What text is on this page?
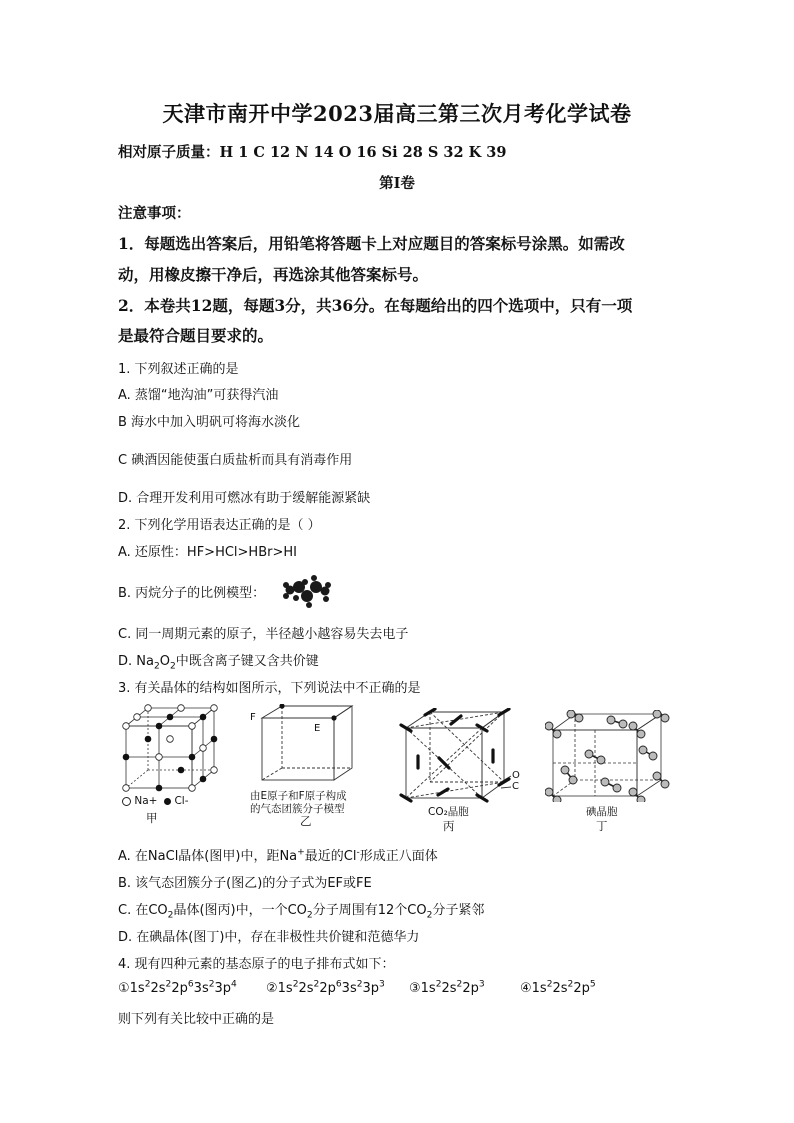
天津市南开中学2023届高三第三次月考化学试卷
相对原子质量：H 1 C 12 N 14 O 16 Si 28 S 32 K 39
第I卷
注意事项：
1．每题选出答案后，用铅笔将答题卡上对应题目的答案标号涂黑。如需改
动，用橡皮擦干净后，再选涂其他答案标号。
2．本卷共12题，每题3分，共36分。在每题给出的四个选项中，只有一项
是最符合题目要求的。
1. 下列叙述正确的是
A. 蒸馏“地沟油”可获得汽油
B 海水中加入明矾可将海水淡化
C 碘酒因能使蛋白质盐析而具有消毒作用
D. 合理开发利用可燃冰有助于缓解能源紧缺
2. 下列化学用语表达正确的是（ ）
A. 还原性：HF>HCl>HBr>HI
B. 丙烷分子的比例模型：
C. 同一周期元素的原子，半径越小越容易失去电子
D. $Na_2O_2$中既含离子键又含共价键
3. 有关晶体的结构如图所示，下列说法中不正确的是
Na+ Cl-
甲
F
E
由E原子和F原子构成
的气态团簇分子模型
乙
O
C
CO₂晶胞
丙
碘晶胞
丁
A. 在NaCl晶体(图甲)中，距Na+最近的Cl-形成正八面体
B. 该气态团簇分子(图乙)的分子式为EF或FE
C. 在$CO_2$晶体(图丙)中，一个$CO_2$分子周围有12个$CO_2$分子紧邻
D. 在碘晶体(图丁)中，存在非极性共价键和范德华力
4. 现有四种元素的基态原子的电子排布式如下：
$①1s^22s^22p^63s^23p^4$ $②1s^22s^22p^63s^23p^3$ $③1s^22s^22p^3$	$④1s^22s^22p^5$
则下列有关比较中正确的是
